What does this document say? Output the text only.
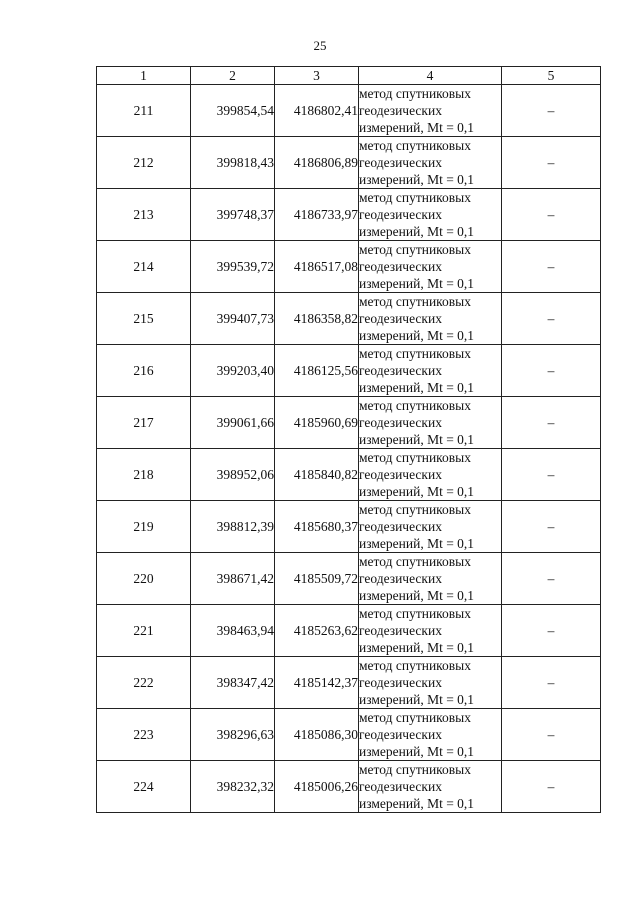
25
1	2	3	4	5
211	399854,54	4186802,41	метод спутниковых
геодезических
измерений, Mt = 0,1	–
212	399818,43	4186806,89	метод спутниковых
геодезических
измерений, Mt = 0,1	–
213	399748,37	4186733,97	метод спутниковых
геодезических
измерений, Mt = 0,1	–
214	399539,72	4186517,08	метод спутниковых
геодезических
измерений, Mt = 0,1	–
215	399407,73	4186358,82	метод спутниковых
геодезических
измерений, Mt = 0,1	–
216	399203,40	4186125,56	метод спутниковых
геодезических
измерений, Mt = 0,1	–
217	399061,66	4185960,69	метод спутниковых
геодезических
измерений, Mt = 0,1	–
218	398952,06	4185840,82	метод спутниковых
геодезических
измерений, Mt = 0,1	–
219	398812,39	4185680,37	метод спутниковых
геодезических
измерений, Mt = 0,1	–
220	398671,42	4185509,72	метод спутниковых
геодезических
измерений, Mt = 0,1	–
221	398463,94	4185263,62	метод спутниковых
геодезических
измерений, Mt = 0,1	–
222	398347,42	4185142,37	метод спутниковых
геодезических
измерений, Mt = 0,1	–
223	398296,63	4185086,30	метод спутниковых
геодезических
измерений, Mt = 0,1	–
224	398232,32	4185006,26	метод спутниковых
геодезических
измерений, Mt = 0,1	–
